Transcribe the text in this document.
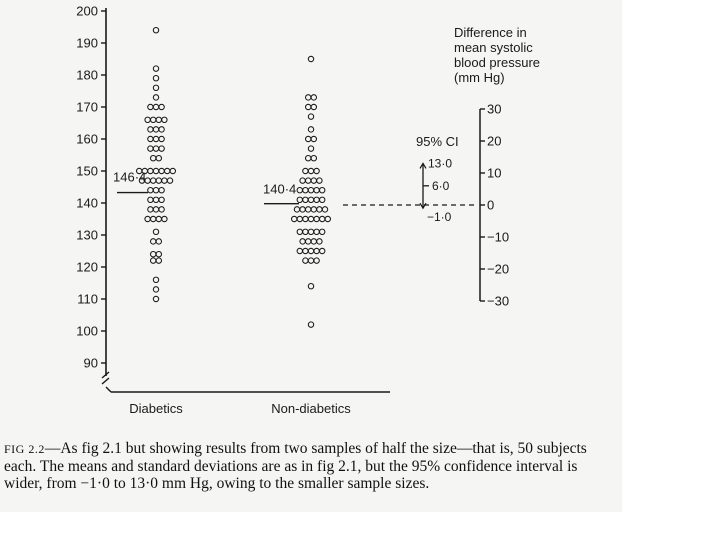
90
100
110
120
130
140
150
160
170
180
190
200
Diabetics	Non-diabetics
146·4
140·4
30
20
10
0
−10
−20
−30
Difference in
mean systolic
blood pressure
(mm Hg)
95% CI
13·0
6·0
−1·0

FIG 2.2—As fig 2.1 but showing results from two samples of half the size—that is, 50 subjects each. The means and standard deviations are as in fig 2.1, but the 95% confidence interval is wider, from −1·0 to 13·0 mm Hg, owing to the smaller sample sizes.
